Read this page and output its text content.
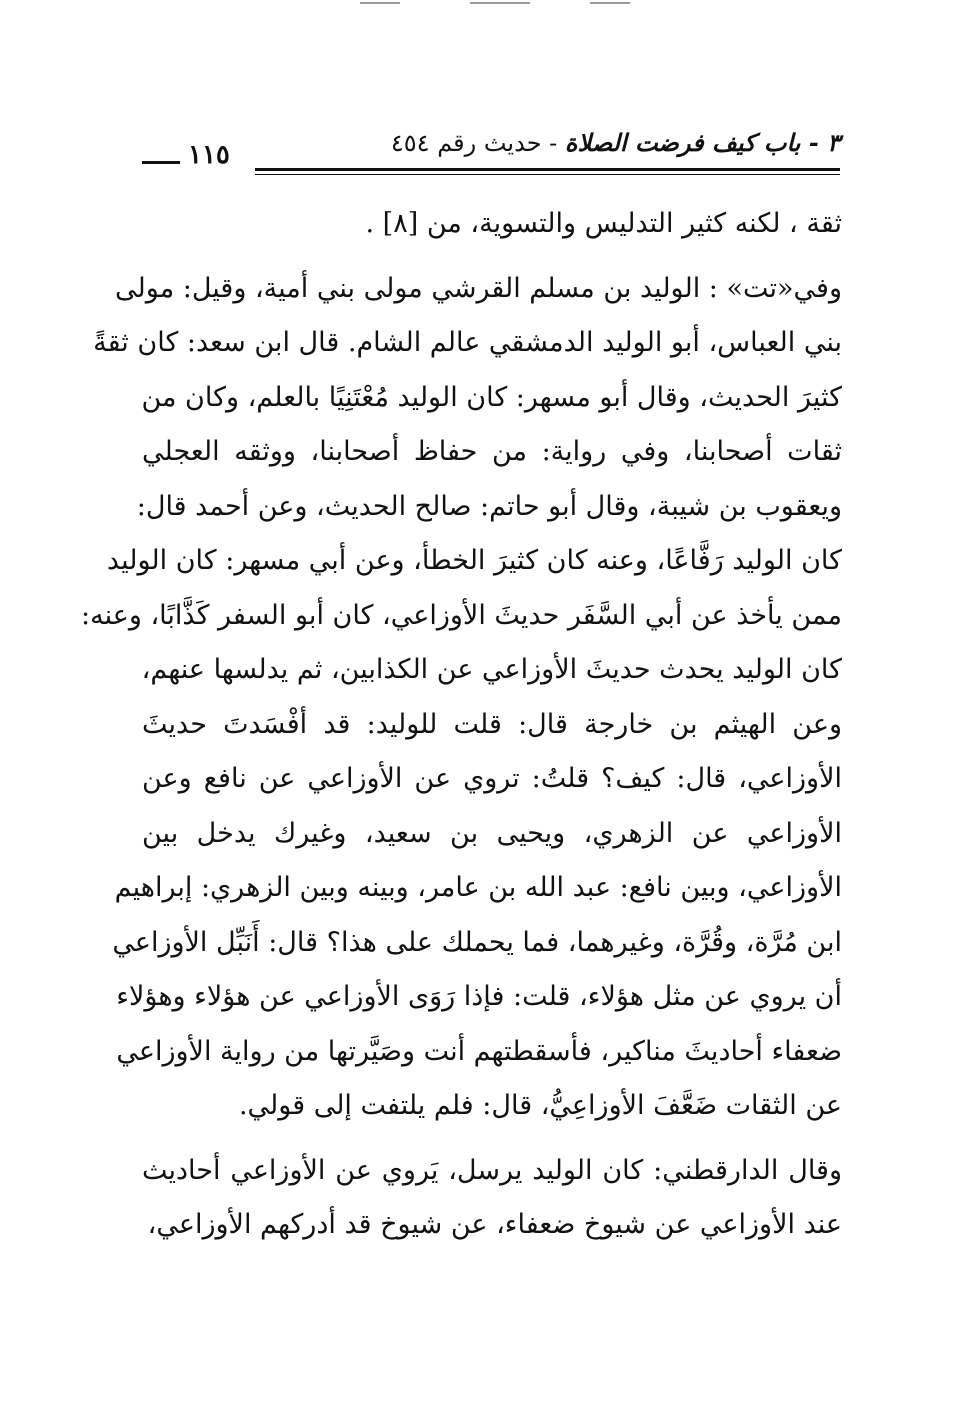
٣ - باب كيف فرضت الصلاة - حديث رقم ٤٥٤
١١٥
ثقة ، لكنه كثير التدليس والتسوية، من [٨] .
وفي«تت» : الوليد بن مسلم القرشي مولى بني أمية، وقيل: مولى
بني العباس، أبو الوليد الدمشقي عالم الشام. قال ابن سعد: كان ثقةً
كثيرَ الحديث، وقال أبو مسهر: كان الوليد مُعْتَنِيًا بالعلم، وكان من
ثقات أصحابنا، وفي رواية: من حفاظ أصحابنا، ووثقه العجلي
ويعقوب بن شيبة، وقال أبو حاتم: صالح الحديث، وعن أحمد قال:
كان الوليد رَفَّاعًا، وعنه كان كثيرَ الخطأ، وعن أبي مسهر: كان الوليد
ممن يأخذ عن أبي السَّفَر حديثَ الأوزاعي، كان أبو السفر كَذَّابًا، وعنه:
كان الوليد يحدث حديثَ الأوزاعي عن الكذابين، ثم يدلسها عنهم،
وعن الهيثم بن خارجة قال: قلت للوليد: قد أفْسَدتَ حديثَ
الأوزاعي، قال: كيف؟ قلتُ: تروي عن الأوزاعي عن نافع وعن
الأوزاعي عن الزهري، ويحيى بن سعيد، وغيرك يدخل بين
الأوزاعي، وبين نافع: عبد الله بن عامر، وبينه وبين الزهري: إبراهيم
ابن مُرَّة، وقُرَّة، وغيرهما، فما يحملك على هذا؟ قال: أَنَبِّل الأوزاعي
أن يروي عن مثل هؤلاء، قلت: فإذا رَوَى الأوزاعي عن هؤلاء وهؤلاء
ضعفاء أحاديثَ مناكير، فأسقطتهم أنت وصَيَّرتها من رواية الأوزاعي
عن الثقات ضَعَّفَ الأوزاعِيُّ، قال: فلم يلتفت إلى قولي.
وقال الدارقطني: كان الوليد يرسل، يَروي عن الأوزاعي أحاديث
عند الأوزاعي عن شيوخ ضعفاء، عن شيوخ قد أدركهم الأوزاعي،
